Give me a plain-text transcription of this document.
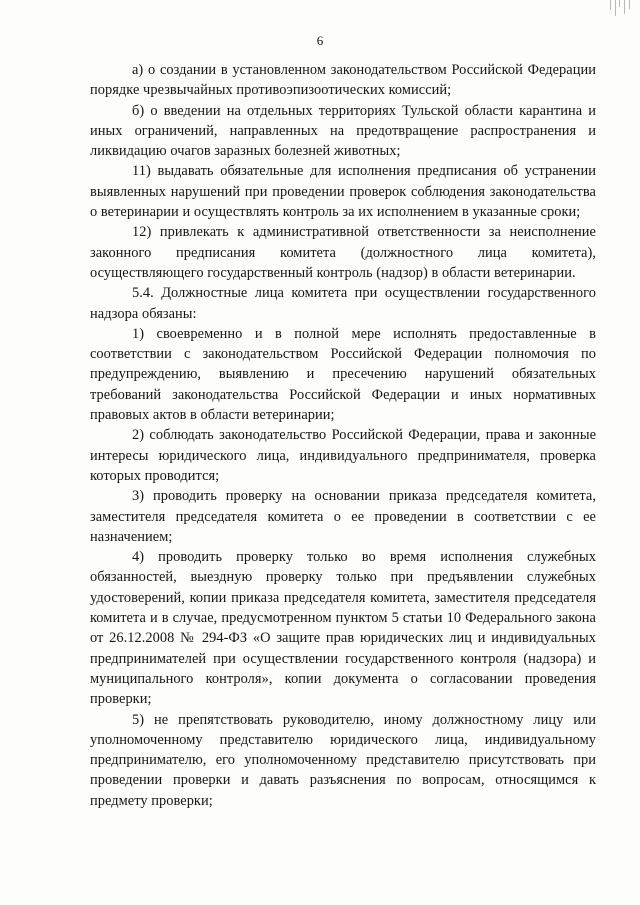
6

а) о создании в установленном законодательством Российской Федерации порядке чрезвычайных противоэпизоотических комиссий;

б) о введении на отдельных территориях Тульской области карантина и иных ограничений, направленных на предотвращение распространения и ликвидацию очагов заразных болезней животных;

11) выдавать обязательные для исполнения предписания об устранении выявленных нарушений при проведении проверок соблюдения законодательства о ветеринарии и осуществлять контроль за их исполнением в указанные сроки;

12) привлекать к административной ответственности за неисполнение законного предписания комитета (должностного лица комитета), осуществляющего государственный контроль (надзор) в области ветеринарии.

5.4. Должностные лица комитета при осуществлении государственного надзора обязаны:

1) своевременно и в полной мере исполнять предоставленные в соответствии с законодательством Российской Федерации полномочия по предупреждению, выявлению и пресечению нарушений обязательных требований законодательства Российской Федерации и иных нормативных правовых актов в области ветеринарии;

2) соблюдать законодательство Российской Федерации, права и законные интересы юридического лица, индивидуального предпринимателя, проверка которых проводится;

3) проводить проверку на основании приказа председателя комитета, заместителя председателя комитета о ее проведении в соответствии с ее назначением;

4) проводить проверку только во время исполнения служебных обязанностей, выездную проверку только при предъявлении служебных удостоверений, копии приказа председателя комитета, заместителя председателя комитета и в случае, предусмотренном пунктом 5 статьи 10 Федерального закона от 26.12.2008 № 294-ФЗ «О защите прав юридических лиц и индивидуальных предпринимателей при осуществлении государственного контроля (надзора) и муниципального контроля», копии документа о согласовании проведения проверки;

5) не препятствовать руководителю, иному должностному лицу или уполномоченному представителю юридического лица, индивидуальному предпринимателю, его уполномоченному представителю присутствовать при проведении проверки и давать разъяснения по вопросам, относящимся к предмету проверки;
